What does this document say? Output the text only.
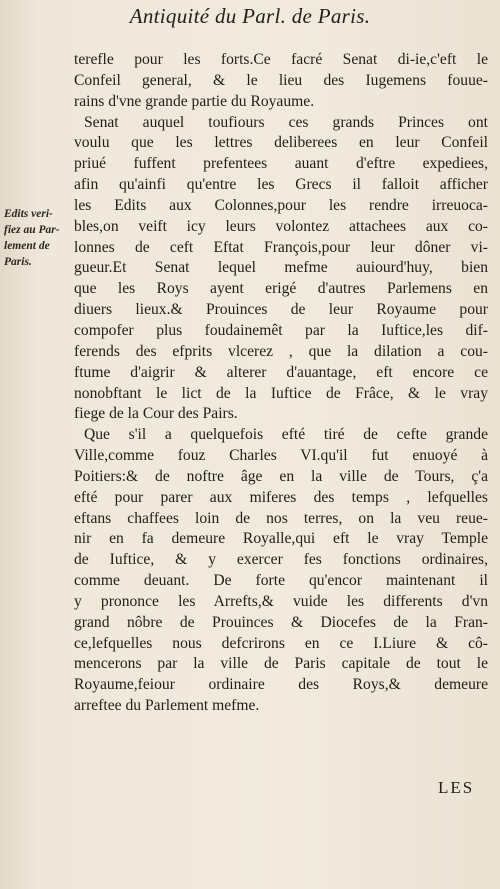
Antiquité du Parl. de Paris.
Edits veri-
fiez au Par-
lement de
Paris.
terefle pour les forts.Ce facré Senat di-ie,c'eft le
Confeil general, & le lieu des Iugemens fouue-
rains d'vne grande partie du Royaume.
Senat auquel toufiours ces grands Princes ont
voulu que les lettres deliberees en leur Confeil
priué fuffent prefentees auant d'eftre expediees,
afin qu'ainfi qu'entre les Grecs il falloit afficher
les Edits aux Colonnes,pour les rendre irreuoca-
bles,on veift icy leurs volontez attachees aux co-
lonnes de ceft Eftat François,pour leur dôner vi-
gueur.Et Senat lequel mefme auiourd'huy, bien
que les Roys ayent erigé d'autres Parlemens en
diuers lieux.& Prouinces de leur Royaume pour
compofer plus foudainemêt par la Iuftice,les dif-
ferends des efprits vlcerez , que la dilation a cou-
ftume d'aigrir & alterer d'auantage, eft encore ce
nonobftant le lict de la Iuftice de Frâce, & le vray
fiege de la Cour des Pairs.
Que s'il a quelquefois efté tiré de cefte grande
Ville,comme fouz Charles VI.qu'il fut enuoyé à
Poitiers:& de noftre âge en la ville de Tours, ç'a
efté pour parer aux miferes des temps , lefquelles
eftans chaffees loin de nos terres, on la veu reue-
nir en fa demeure Royalle,qui eft le vray Temple
de Iuftice, & y exercer fes fonctions ordinaires,
comme deuant. De forte qu'encor maintenant il
y prononce les Arrefts,& vuide les differents d'vn
grand nôbre de Prouinces & Diocefes de la Fran-
ce,lefquelles nous defcrirons en ce I.Liure & cô-
mencerons par la ville de Paris capitale de tout le
Royaume,feiour ordinaire des Roys,& demeure
arreftee du Parlement mefme.
LES
